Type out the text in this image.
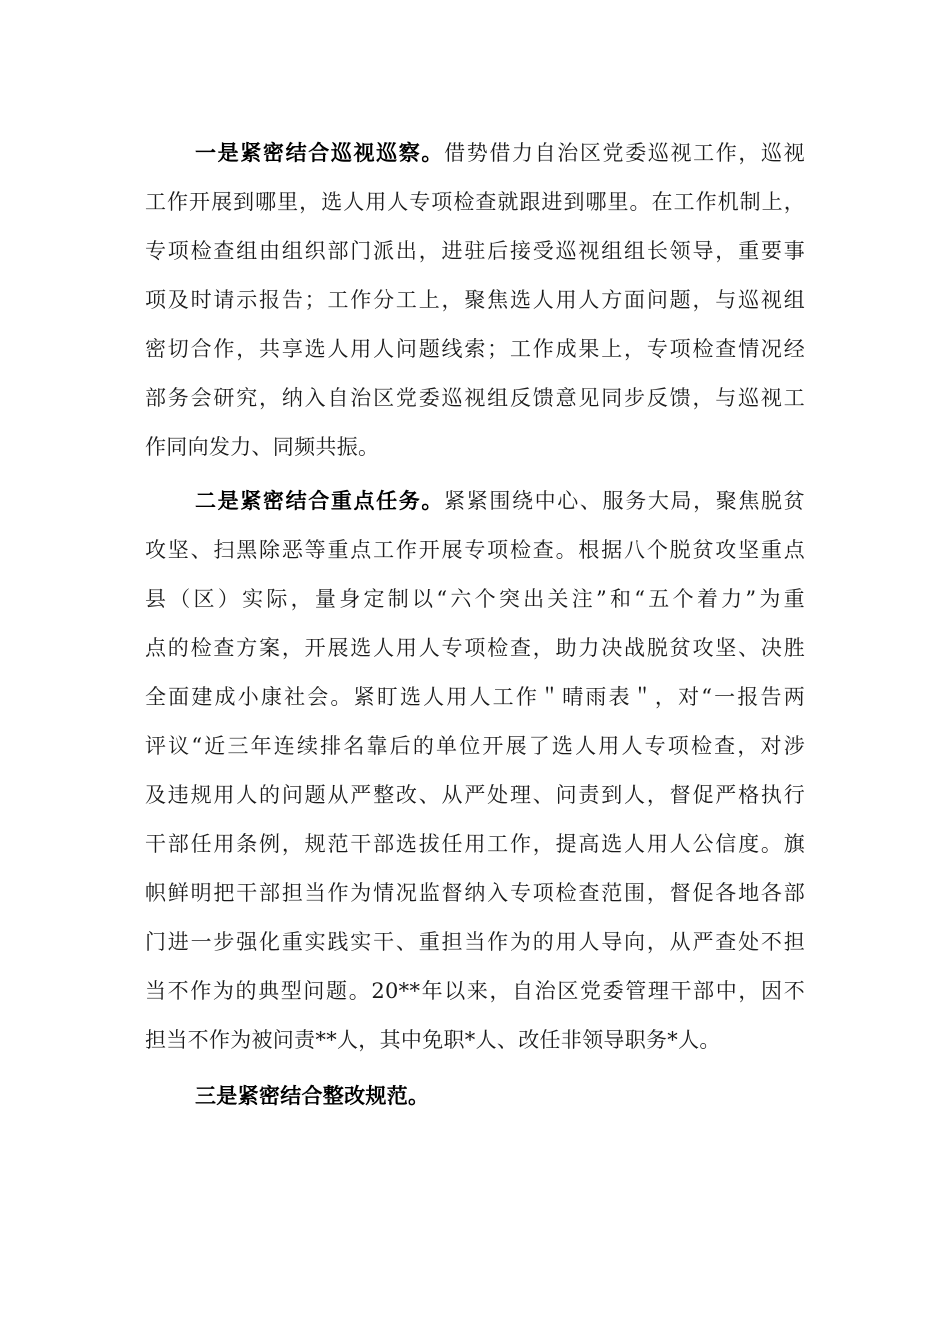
一是紧密结合巡视巡察。借势借力自治区党委巡视工作，巡视
工作开展到哪里，选人用人专项检查就跟进到哪里。在工作机制上，
专项检查组由组织部门派出，进驻后接受巡视组组长领导，重要事
项及时请示报告；工作分工上，聚焦选人用人方面问题，与巡视组
密切合作，共享选人用人问题线索；工作成果上，专项检查情况经
部务会研究，纳入自治区党委巡视组反馈意见同步反馈，与巡视工
作同向发力、同频共振。
二是紧密结合重点任务。紧紧围绕中心、服务大局，聚焦脱贫
攻坚、扫黑除恶等重点工作开展专项检查。根据八个脱贫攻坚重点
县（区）实际，量身定制以“六个突出关注”和“五个着力”为重
点的检查方案，开展选人用人专项检查，助力决战脱贫攻坚、决胜
全面建成小康社会。紧盯选人用人工作＂晴雨表＂，对“一报告两
评议“近三年连续排名靠后的单位开展了选人用人专项检查，对涉
及违规用人的问题从严整改、从严处理、问责到人，督促严格执行
干部任用条例，规范干部选拔任用工作，提高选人用人公信度。旗
帜鲜明把干部担当作为情况监督纳入专项检查范围，督促各地各部
门进一步强化重实践实干、重担当作为的用人导向，从严查处不担
当不作为的典型问题。20**年以来，自治区党委管理干部中，因不
担当不作为被问责**人，其中免职*人、改任非领导职务*人。
三是紧密结合整改规范。
